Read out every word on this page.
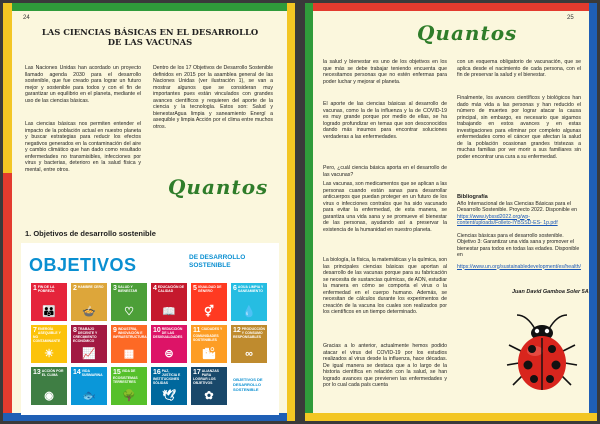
24
LAS CIENCIAS BÁSICAS EN EL DESARROLLO
DE LAS VACUNAS
Las Naciones Unidas han acordado un proyecto llamado agenda 2030 para el desarrollo sostenible, que fue creado para lograr un futuro mejor y sostenible para todos y con el fin de garantizar un equilibrio en el planeta, mediante el uso de las ciencias básicas.
Las ciencias básicas nos permiten entender el impacto de la población actual en nuestro planeta y buscar estrategias para reducir los efectos negativos generados en la contaminación del aire y cambio climático que han dado como resultado enfermedades no transmisibles, infecciones por virus y bacterias, deterioro en la salud física y mental, entre otros.
Dentro de los 17 Objetivos de Desarrollo Sostenible definidos en 2015 por la asamblea general de las Naciones Unidas (ver ilustración 1), se van a mostrar algunos que se consideran muy importantes pues están vinculados con grandes avances científicos y requieren del aporte de la ciencia y la tecnología. Estos son: Salud y bienestarAgua limpia y saneamiento Energí a asequible y limpia Acción por el clima entre muchos otros.
Quantos
1. Objetivos de desarrollo sostenible
OBJETIVOS	DE DESARROLLO
SOSTENIBLE
1 FIN DE LA POBREZA
👪
2 HAMBRE CERO
🍲
3 SALUD Y BIENESTAR
♡
4 EDUCACIÓN DE CALIDAD
📖
5 IGUALDAD DE GÉNERO
⚥
6 AGUA LIMPIA Y SANEAMIENTO
💧
7 ENERGÍA ASEQUIBLE Y NO CONTAMINANTE
☀
8 TRABAJO DECENTE Y CRECIMIENTO ECONÓMICO
📈
9 INDUSTRIA, INNOVACIÓN E INFRAESTRUCTURA
▦
10 REDUCCIÓN DE LAS DESIGUALDADES
⊜
11 CIUDADES Y COMUNIDADES SOSTENIBLES
🏙
12 PRODUCCIÓN Y CONSUMO RESPONSABLES
∞
13 ACCIÓN POR EL CLIMA
◉
14 VIDA SUBMARINA
🐟
15 VIDA DE ECOSISTEMAS TERRESTRES
🌳
16 PAZ, JUSTICIA E INSTITUCIONES SÓLIDAS
🕊
17 ALIANZAS PARA LOGRAR LOS OBJETIVOS
✿
OBJETIVOS DE DESARROLLO SOSTENIBLE
25
Quantos
la salud y bienestar es uno de los objetivos en los que más se debe trabajar teniendo encuenta que necesitamos personas que no estén enfermas para poder luchar y mejorar el planeta.
El aporte de las ciencias básicas al desarrollo de vacunas, como la de la influenza y la de COVID-19 es muy grande porque por medio de ellas, se ha logrado profundizar en temas que son desconocidos dando más insumos para encontrar soluciones verdaderas a las enfermedades.
Pero, ¿cuál ciencia básica aporta en el desarrollo de las vacunas?
Las vacunas, son medicamentos que se aplican a las personas cuando están sanas para desarrollar anticuerpos que puedan proteger en un futuro de los virus o infecciones contralos que ha sido vacunado para evitar la enfermedad, de esta manera, se garantiza una vida sana y se promueve el bienestar de las personas, ayudando así a preservar la existencia de la humanidad en nuestro planeta.
La biología, la física, la matemáticas y la química, son las principales ciencias básicas que aportan al desarrollo de las vacunas porque para su fabricación se necesita de sustancias químicas, de ADN, estudiar la manera en cómo se comporta el virus o la enfermedad en el cuerpo humano. Además, se necesitan de cálculos durante los experimentos de creación de la vacuna los cuales son realizados por los científicos en un tiempo determinado.
Gracias a lo anterior, actualmente hemos podido atacar el virus del COVID-19 por los estudios realizados al virus desde la influenza, hace décadas. De igual manera se destaca que a lo largo de la historia científica en relación con la salud, se han logrado avances que previenen las enfermedades y por lo cual cada país cuenta
con un esquema obligatorio de vacunación, que se aplica desde el nacimiento de cada persona, con el fin de preservar la salud y el bienestar.
Finalmente, los avances científicos y biológicos han dado más vida a las personas y han reducido el número de muertes por lograr atacar la causa principal, sin embargo, es necesario que sigamos trabajando en estos avances y en estas investigaciones para eliminar por completo algunas enfermedades como el cáncer que afectan la salud de la población ocasionan grandes tristezas a muchas familias por ver morir a sus familiares sin poder encontrar una cura a su enfermedad.
Bibliografía
Año Internacional de las Ciencias Básicas para el Desarrollo Sostenible. Proyecto 2022. Disponible en
https://www.iybssd2022.org/wp-content/uploads/Folleto-IYBSSD-ES- 1p.pdf
Ciencias básicas para el desarrollo sostenible. Objetivo 3: Garantizar una vida sana y promover el bienestar para todos en todas las edades. Disponible en
https://www.un.org/sustainabledevelopment/es/health/
Juan David Gamboa Soler 5A
